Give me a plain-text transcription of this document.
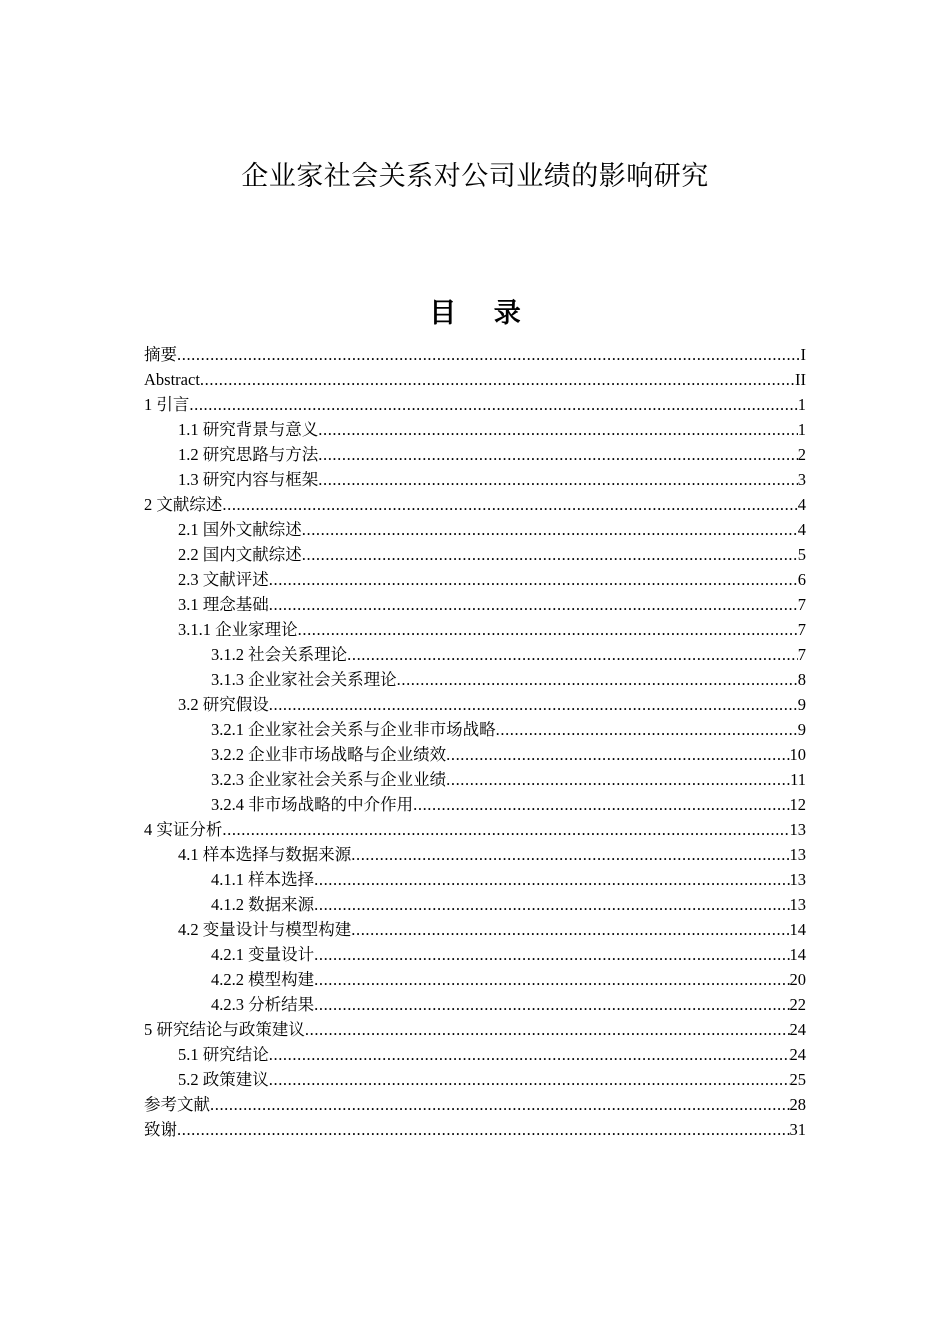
企业家社会关系对公司业绩的影响研究
目    录
摘要 .....	I
Abstract .....	II
1 引言 .....	1
1.1 研究背景与意义 .....	1
1.2 研究思路与方法 .....	2
1.3 研究内容与框架 .....	3
2 文献综述 .....	4
2.1 国外文献综述 .....	4
2.2 国内文献综述 .....	5
2.3 文献评述 .....	6
3.1 理念基础 .....	7
3.1.1 企业家理论 .....	7
3.1.2 社会关系理论 .....	7
3.1.3 企业家社会关系理论 .....	8
3.2 研究假设 .....	9
3.2.1 企业家社会关系与企业非市场战略 .....	9
3.2.2 企业非市场战略与企业绩效 .....	10
3.2.3 企业家社会关系与企业业绩 .....	11
3.2.4 非市场战略的中介作用 .....	12
4 实证分析 .....	13
4.1 样本选择与数据来源 .....	13
4.1.1 样本选择 .....	13
4.1.2 数据来源 .....	13
4.2 变量设计与模型构建 .....	14
4.2.1 变量设计 .....	14
4.2.2 模型构建 .....	20
4.2.3 分析结果 .....	22
5 研究结论与政策建议 .....	24
5.1 研究结论 .....	24
5.2 政策建议 .....	25
参考文献 .....	28
致谢 .....	31
